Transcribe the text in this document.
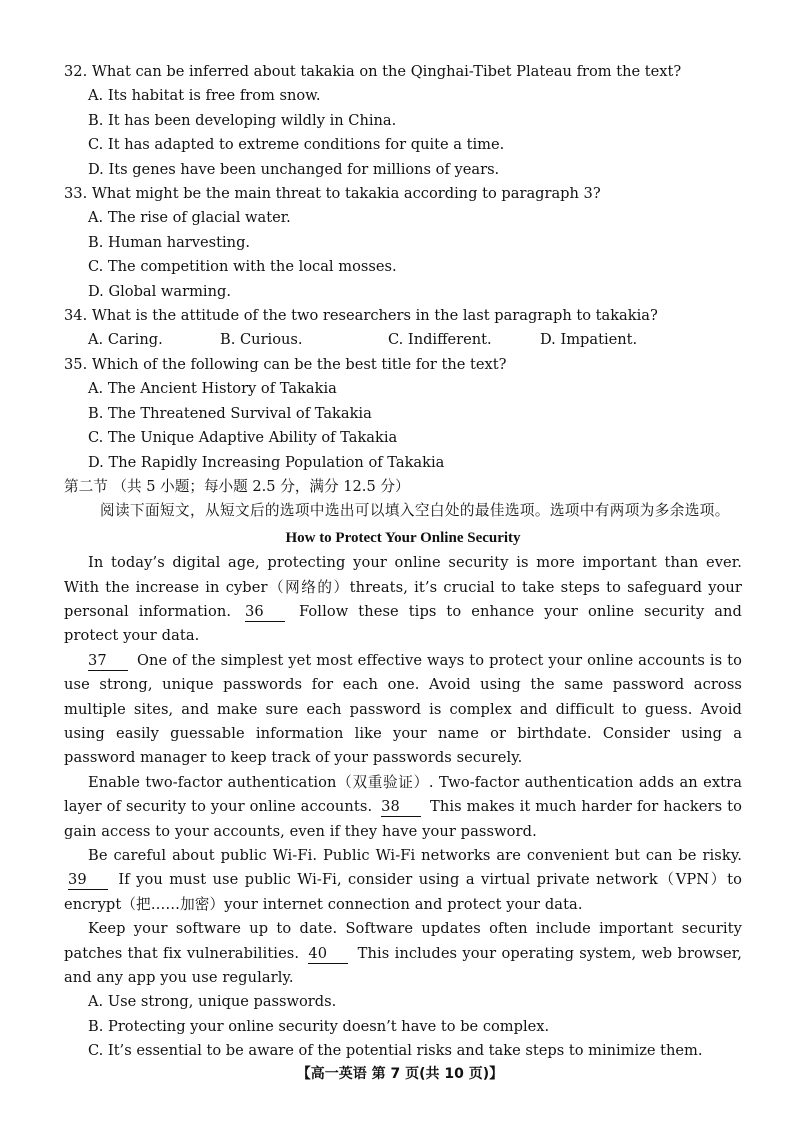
32. What can be inferred about takakia on the Qinghai-Tibet Plateau from the text?
A. Its habitat is free from snow.
B. It has been developing wildly in China.
C. It has adapted to extreme conditions for quite a time.
D. Its genes have been unchanged for millions of years.
33. What might be the main threat to takakia according to paragraph 3?
A. The rise of glacial water.
B. Human harvesting.
C. The competition with the local mosses.
D. Global warming.
34. What is the attitude of the two researchers in the last paragraph to takakia?
A. Caring.	B. Curious.	C. Indifferent.	D. Impatient.
35. Which of the following can be the best title for the text?
A. The Ancient History of Takakia
B. The Threatened Survival of Takakia
C. The Unique Adaptive Ability of Takakia
D. The Rapidly Increasing Population of Takakia
第二节 （共 5 小题；每小题 2.5 分，满分 12.5 分）
阅读下面短文，从短文后的选项中选出可以填入空白处的最佳选项。选项中有两项为多余选项。
How to Protect Your Online Security
In today’s digital age, protecting your online security is more important than ever. With the increase in cyber（网络的）threats, it’s crucial to take steps to safeguard your personal information. 36 Follow these tips to enhance your online security and protect your data.
37 One of the simplest yet most effective ways to protect your online accounts is to use strong, unique passwords for each one. Avoid using the same password across multiple sites, and make sure each password is complex and difficult to guess. Avoid using easily guessable information like your name or birthdate. Consider using a password manager to keep track of your passwords securely.
Enable two-factor authentication（双重验证）. Two-factor authentication adds an extra layer of security to your online accounts. 38 This makes it much harder for hackers to gain access to your accounts, even if they have your password.
Be careful about public Wi-Fi. Public Wi-Fi networks are convenient but can be risky. 39 If you must use public Wi-Fi, consider using a virtual private network（VPN）to encrypt（把……加密）your internet connection and protect your data.
Keep your software up to date. Software updates often include important security patches that fix vulnerabilities. 40 This includes your operating system, web browser, and any app you use regularly.
A. Use strong, unique passwords.
B. Protecting your online security doesn’t have to be complex.
C. It’s essential to be aware of the potential risks and take steps to minimize them.
【高一英语 第 7 页(共 10 页)】
